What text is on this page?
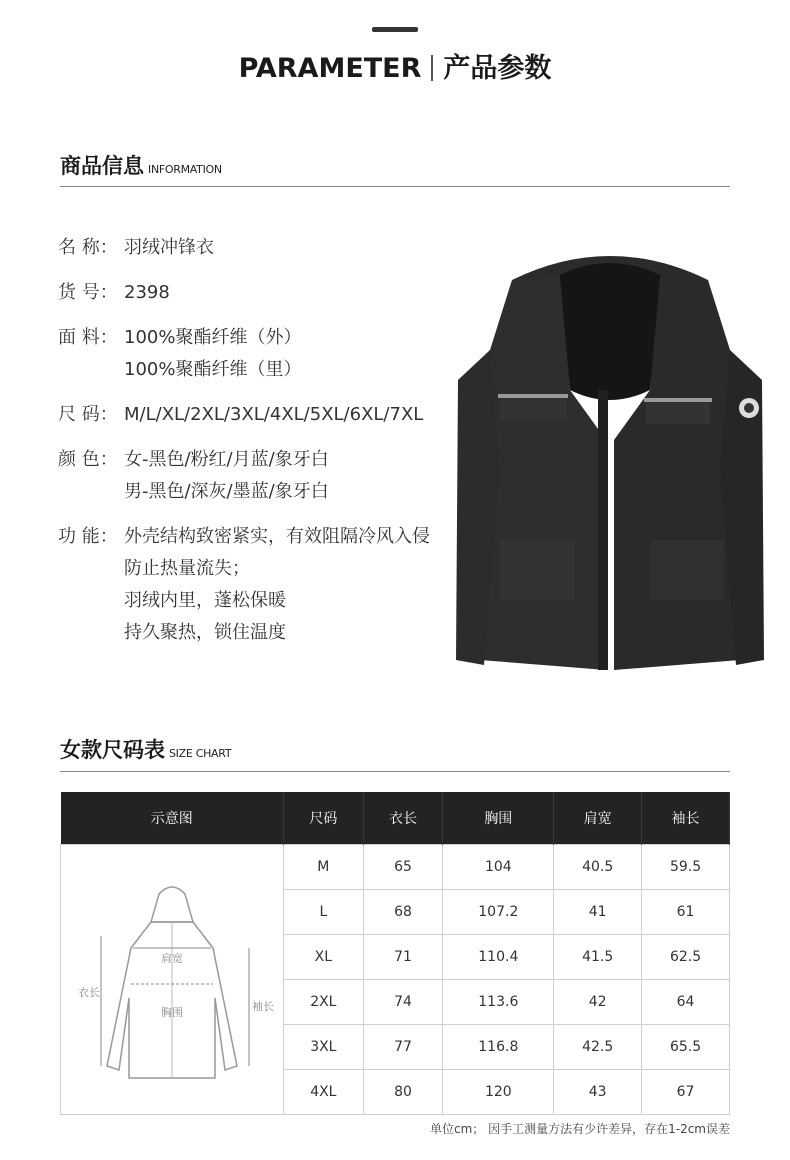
PARAMETER 产品参数
商品信息 INFORMATION
名 称： 羽绒冲锋衣
货 号： 2398
面 料： 100%聚酯纤维（外）
100%聚酯纤维（里）
尺 码： M/L/XL/2XL/3XL/4XL/5XL/6XL/7XL
颜 色： 女-黑色/粉红/月蓝/象牙白
男-黑色/深灰/墨蓝/象牙白
功 能： 外壳结构致密紧实，有效阻隔冷风入侵
防止热量流失；
羽绒内里，蓬松保暖
持久聚热，锁住温度
女款尺码表 SIZE CHART
示意图	尺码	衣长	胸围	肩宽	袖长

肩宽
胸围
衣长
袖长	M	65	104	40.5	59.5
	L	68	107.2	41	61
	XL	71	110.4	41.5	62.5
	2XL	74	113.6	42	64
	3XL	77	116.8	42.5	65.5
	4XL	80	120	43	67
单位cm； 因手工测量方法有少许差异，存在1-2cm误差
